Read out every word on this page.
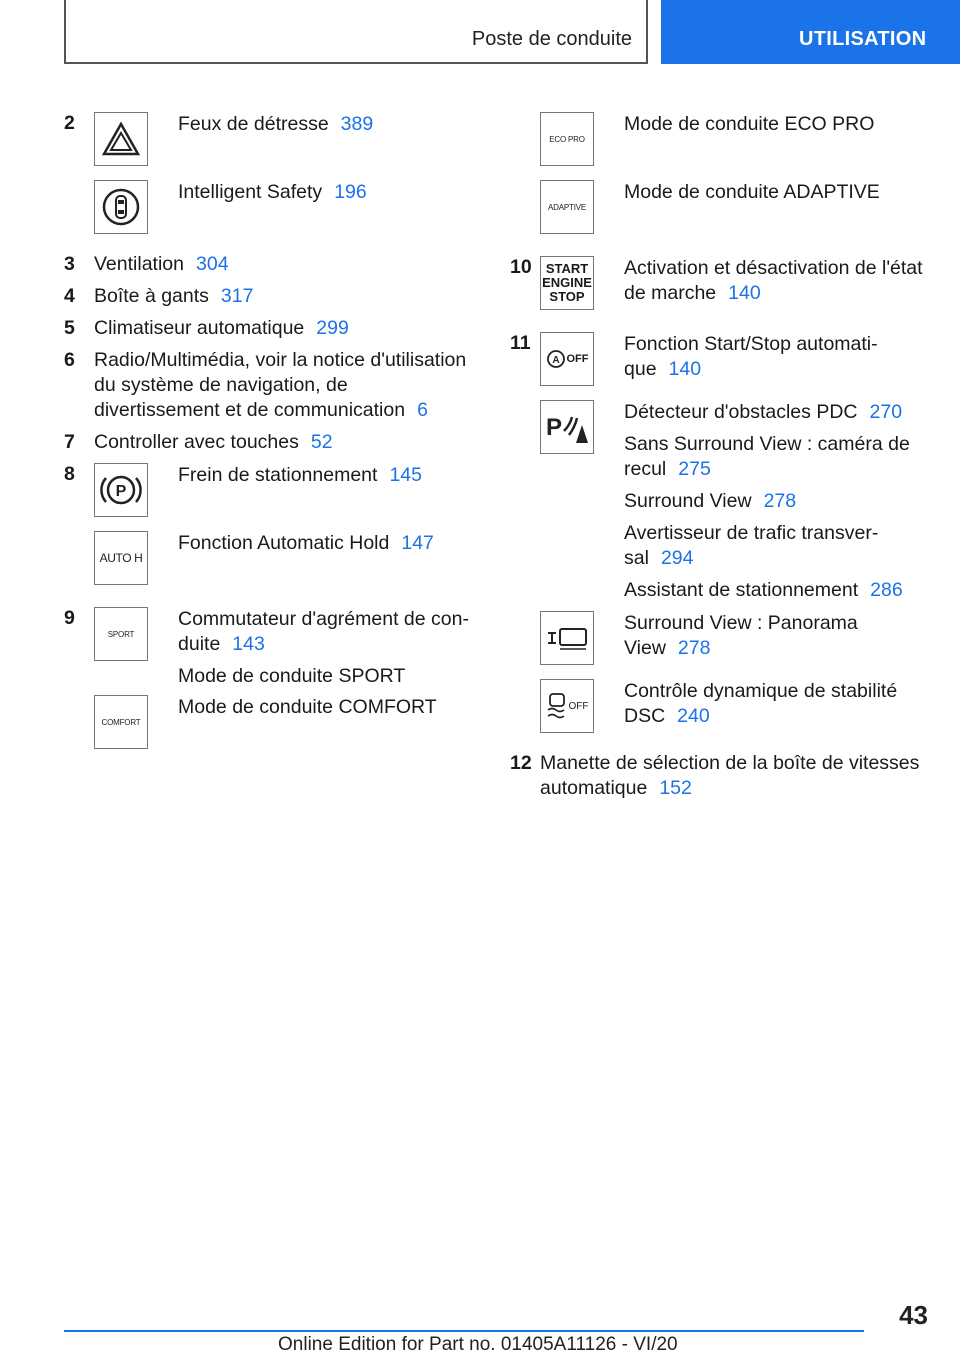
Poste de conduite	UTILISATION
2	Feux de détresse 389
Intelligent Safety 196
3 Ventilation 304
4 Boîte à gants 317
5 Climatiseur automatique 299
6 Radio/Multimédia, voir la notice d'utilisation du système de navigation, de divertissement et de communication 6
7 Controller avec touches 52
8
P
Frein de stationnement 145
AUTO H
Fonction Automatic Hold 147
9
SPORT

Commutateur d'agrément de con-duite 143

Mode de conduite SPORT

COMFORT
Mode de conduite COMFORT
ECO PRO
Mode de conduite ECO PRO
ADAPTIVE
Mode de conduite ADAPTIVE
10 START
ENGINE
STOP
Activation et désactivation de l'état de marche 140
11
A OFF
Fonction Start/Stop automati-que 140
P

Détecteur d'obstacles PDC 270

Sans Surround View : caméra de recul 275

Surround View 278

Avertisseur de trafic transver-sal 294

Assistant de stationnement 286

Surround View : Panorama View 278
OFF
Contrôle dynamique de stabilité DSC 240
12 Manette de sélection de la boîte de vitesses automatique 152
43
Online Edition for Part no. 01405A11126 - VI/20
